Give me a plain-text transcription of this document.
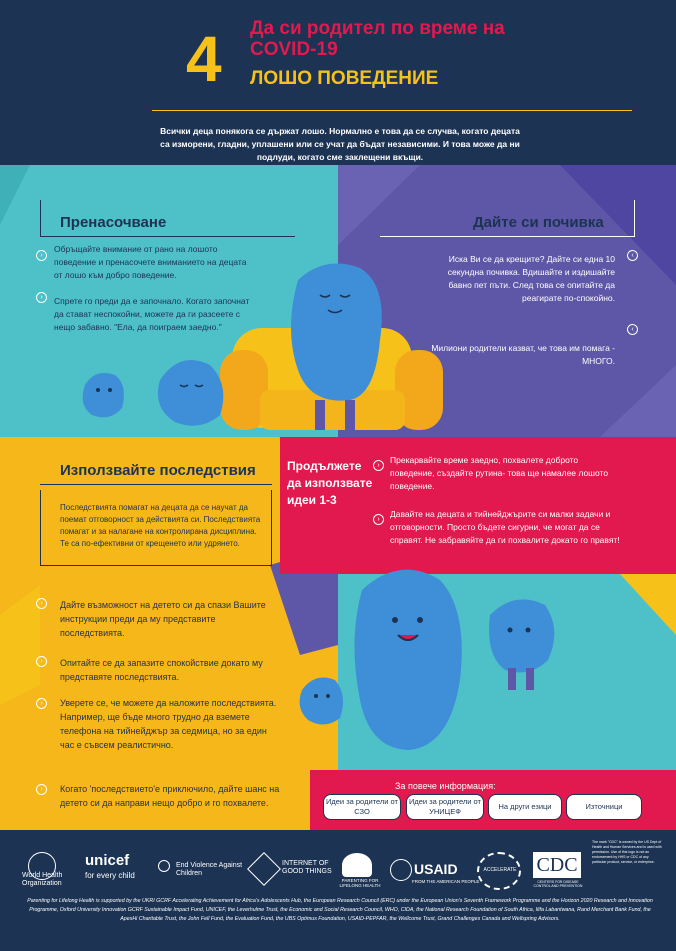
4 Да си родител по време на COVID-19
ЛОШО ПОВЕДЕНИЕ
Всички деца понякога се държат лошо. Нормално е това да се случва, когато децата са изморени, гладни, уплашени или се учат да бъдат независими. И това може да ни подлуди, когато сме заклещени вкъщи.
Пренасочване
›
Обръщайте внимание от рано на лошото поведение и пренасочете вниманието на децата от лошо към добро поведение.
›	Спрете го преди да е започнало. Когато започнат да стават неспокойни, можете да ги разсеете с нещо забавно. "Ела, да поиграем заедно."
Дайте си почивка
‹
Иска Ви се да крещите? Дайте си една 10 секундна почивка. Вдишайте и издишайте бавно пет пъти. След това се опитайте да реагирате по-спокойно.
‹
Милиони родители казват, че това им помага - МНОГО.
Продължете да използвате идеи 1-3
›
Прекарвайте време заедно, похвалете доброто поведение, създайте рутина- това ще намалее лошото поведение.
›
Давайте на децата и тийнейджърите си малки задачи и отговорности. Просто бъдете сигурни, че могат да се справят. Не забравяйте да ги похвалите докато го правят!
Използвайте последствия
Последствията помагат на децата да се научат да поемат отговорност за действията си. Последствията помагат и за налагане на контролирана дисциплина. Те са по-ефективни от крещенето или удрянето.
›	Дайте възможност на детето си да спази Вашите инструкции преди да му представите последствията.
›	Опитайте се да запазите спокойствие докато му представяте последствията.
›	Уверете се, че можете да наложите последствията. Например, ще бъде много трудно да вземете телефона на тийнейджър за седмица, но за един час е съвсем реалистично.
›	Когато 'последствието'е приключило, дайте шанс на детето си да направи нещо добро и го похвалете.
За повече информация:
Идеи за родители от СЗО
Идеи за родители от УНИЦЕФ
На други езици	Източници
World Health Organization
unicef
for every child
End Violence Against Children
INTERNET OF GOOD THINGS
PARENTING FOR LIFELONG HEALTH
USAID
FROM THE AMERICAN PEOPLE
ACCELERATE CDC
CENTERS FOR DISEASE CONTROL AND PREVENTION
The mark "CDC" is owned by the US Dept of Health and Human Services and is used with permission. Use of this logo is not an endorsement by HHS or CDC of any particular product, service, or enterprise.
Parenting for Lifelong Health is supported by the UKRI GCRF Accelerating Achievement for Africa's Adolescents Hub, the European Research Council (ERC) under the European Union's Seventh Framework Programme and the Horizon 2020 Research and Innovation Programme, Oxford University Innovation GCRF Sustainable Impact Fund, UNICEF, the Leverhulme Trust, the Economic and Social Research Council, WHO, CIDA, the National Research Foundation of South Africa, Ilifa Labantwana, Rand Merchant Bank Fund, the ApexHi Charitable Trust, the John Fell Fund, the Evaluation Fund, the UBS Optimus Foundation, USAID-PEPFAR, the Wellcome Trust, Grand Challenges Canada and Wellspring Advisors.
